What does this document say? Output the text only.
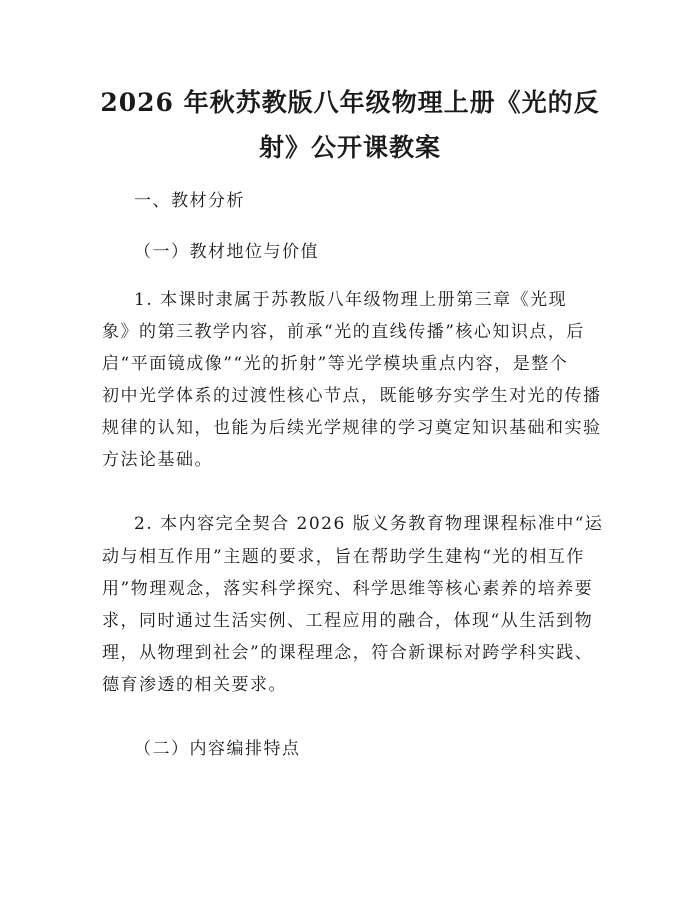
2026 年秋苏教版八年级物理上册《光的反
射》公开课教案
一、教材分析
（一）教材地位与价值
1. 本课时隶属于苏教版八年级物理上册第三章《光现
象》的第三教学内容，前承“光的直线传播”核心知识点，后
启“平面镜成像”“光的折射”等光学模块重点内容，是整个
初中光学体系的过渡性核心节点，既能够夯实学生对光的传播
规律的认知，也能为后续光学规律的学习奠定知识基础和实验
方法论基础。
2. 本内容完全契合 2026 版义务教育物理课程标准中“运
动与相互作用”主题的要求，旨在帮助学生建构“光的相互作
用”物理观念，落实科学探究、科学思维等核心素养的培养要
求，同时通过生活实例、工程应用的融合，体现“从生活到物
理，从物理到社会”的课程理念，符合新课标对跨学科实践、
德育渗透的相关要求。
（二）内容编排特点
